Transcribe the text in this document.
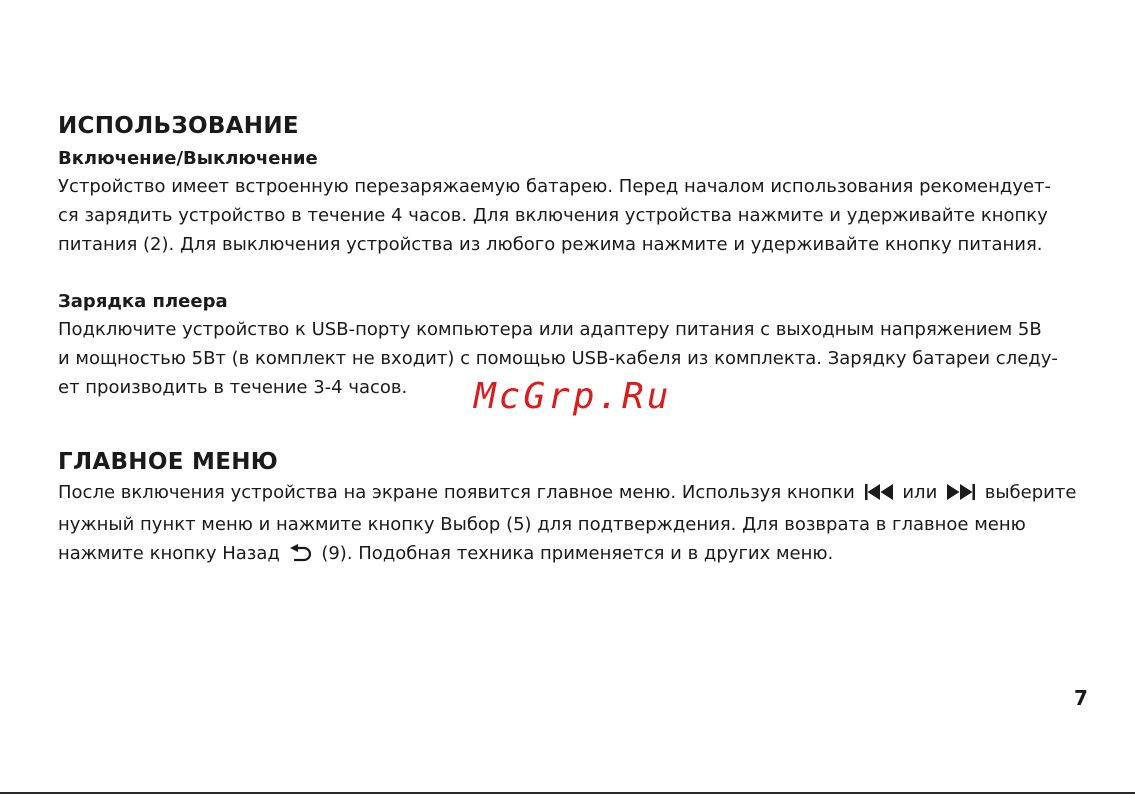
ИСПОЛЬЗОВАНИЕ
Включение/Выключение

Устройство имеет встроенную перезаряжаемую батарею. Перед началом использования рекомендует-

ся зарядить устройство в течение 4 часов. Для включения устройства нажмите и удерживайте кнопку

питания (2). Для выключения устройства из любого режима нажмите и удерживайте кнопку питания.

Зарядка плеера

Подключите устройство к USB-порту компьютера или адаптеру питания с выходным напряжением 5В

и мощностью 5Вт (в комплект не входит) с помощью USB-кабеля из комплекта. Зарядку батареи следу-

ет производить в течение 3-4 часов.

ГЛАВНОЕ МЕНЮ

После включения устройства на экране появится главное меню. Используя кнопки	или	выберите

нужный пункт меню и нажмите кнопку Выбор (5) для подтверждения. Для возврата в главное меню

нажмите кнопку Назад (9). Подобная техника применяется и в других меню.

McGrp.Ru
7
